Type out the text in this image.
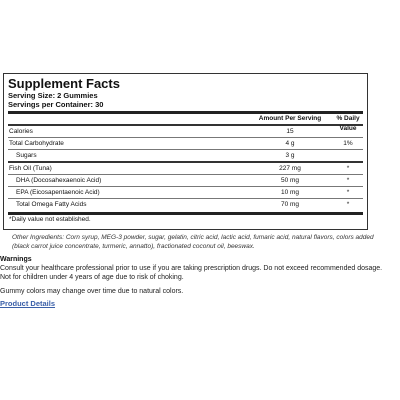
Supplement Facts
Serving Size: 2 Gummies
Servings per Container: 30
Amount Per Serving	% Daily Value
Calories	15
Total Carbohydrate	4 g	1%
Sugars	3 g
Fish Oil (Tuna)	227 mg	*
DHA (Docosahexaenoic Acid)	50 mg	*
EPA (Eicosapentaenoic Acid)	10 mg	*
Total Omega Fatty Acids	70 mg	*
*Daily value not established.
Other Ingredients: Corn syrup, MEG-3 powder, sugar, gelatin, citric acid, lactic acid, fumaric acid, natural flavors, colors added (black carrot juice concentrate, turmeric, annatto), fractionated coconut oil, beeswax.
Warnings
Consult your healthcare professional prior to use if you are taking prescription drugs. Do not exceed recommended dosage. Not for children under 4 years of age due to risk of choking.
Gummy colors may change over time due to natural colors.
Product Details
